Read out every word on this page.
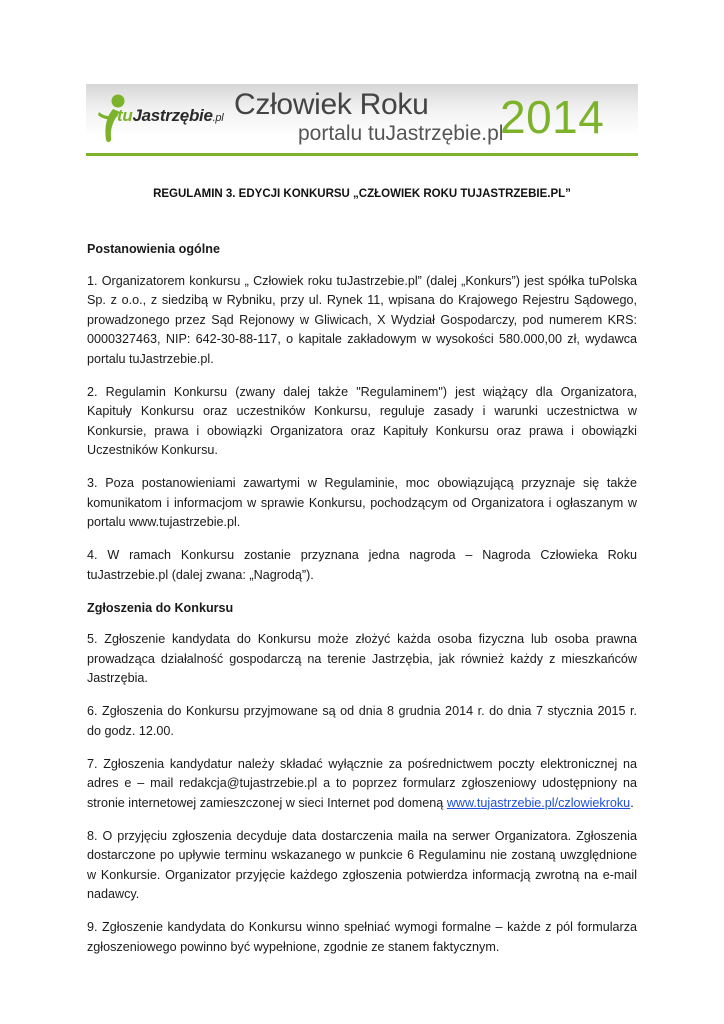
tuJastrzębie.pl Człowiek Roku
portalu tuJastrzębie.pl
2014
REGULAMIN 3. EDYCJI KONKURSU „CZŁOWIEK ROKU TUJASTRZEBIE.PL”
Postanowienia ogólne

1. Organizatorem konkursu „ Człowiek roku tuJastrzebie.pl” (dalej „Konkurs”) jest spółka tuPolska Sp. z o.o., z siedzibą w Rybniku, przy ul. Rynek 11, wpisana do Krajowego Rejestru Sądowego, prowadzonego przez Sąd Rejonowy w Gliwicach, X Wydział Gospodarczy, pod numerem KRS: 0000327463, NIP: 642-30-88-117, o kapitale zakładowym w wysokości 580.000,00 zł, wydawca portalu tuJastrzebie.pl.

2. Regulamin Konkursu (zwany dalej także "Regulaminem") jest wiążący dla Organizatora, Kapituły Konkursu oraz uczestników Konkursu, reguluje zasady i warunki uczestnictwa w Konkursie, prawa i obowiązki Organizatora oraz Kapituły Konkursu oraz prawa i obowiązki Uczestników Konkursu.

3. Poza postanowieniami zawartymi w Regulaminie, moc obowiązującą przyznaje się także komunikatom i informacjom w sprawie Konkursu, pochodzącym od Organizatora i ogłaszanym w portalu www.tujastrzebie.pl.

4. W ramach Konkursu zostanie przyznana jedna nagroda – Nagroda Człowieka Roku tuJastrzebie.pl (dalej zwana: „Nagrodą”).

Zgłoszenia do Konkursu

5. Zgłoszenie kandydata do Konkursu może złożyć każda osoba fizyczna lub osoba prawna prowadząca działalność gospodarczą na terenie Jastrzębia, jak również każdy z mieszkańców Jastrzębia.

6. Zgłoszenia do Konkursu przyjmowane są od dnia 8 grudnia 2014 r. do dnia 7 stycznia 2015 r. do godz. 12.00.

7. Zgłoszenia kandydatur należy składać wyłącznie za pośrednictwem poczty elektronicznej na adres e – mail redakcja@tujastrzebie.pl a to poprzez formularz zgłoszeniowy udostępniony na stronie internetowej zamieszczonej w sieci Internet pod domeną www.tujastrzebie.pl/czlowiekroku.

8. O przyjęciu zgłoszenia decyduje data dostarczenia maila na serwer Organizatora. Zgłoszenia dostarczone po upływie terminu wskazanego w punkcie 6 Regulaminu nie zostaną uwzględnione w Konkursie. Organizator przyjęcie każdego zgłoszenia potwierdza informacją zwrotną na e-mail nadawcy.

9. Zgłoszenie kandydata do Konkursu winno spełniać wymogi formalne – każde z pól formularza zgłoszeniowego powinno być wypełnione, zgodnie ze stanem faktycznym.
